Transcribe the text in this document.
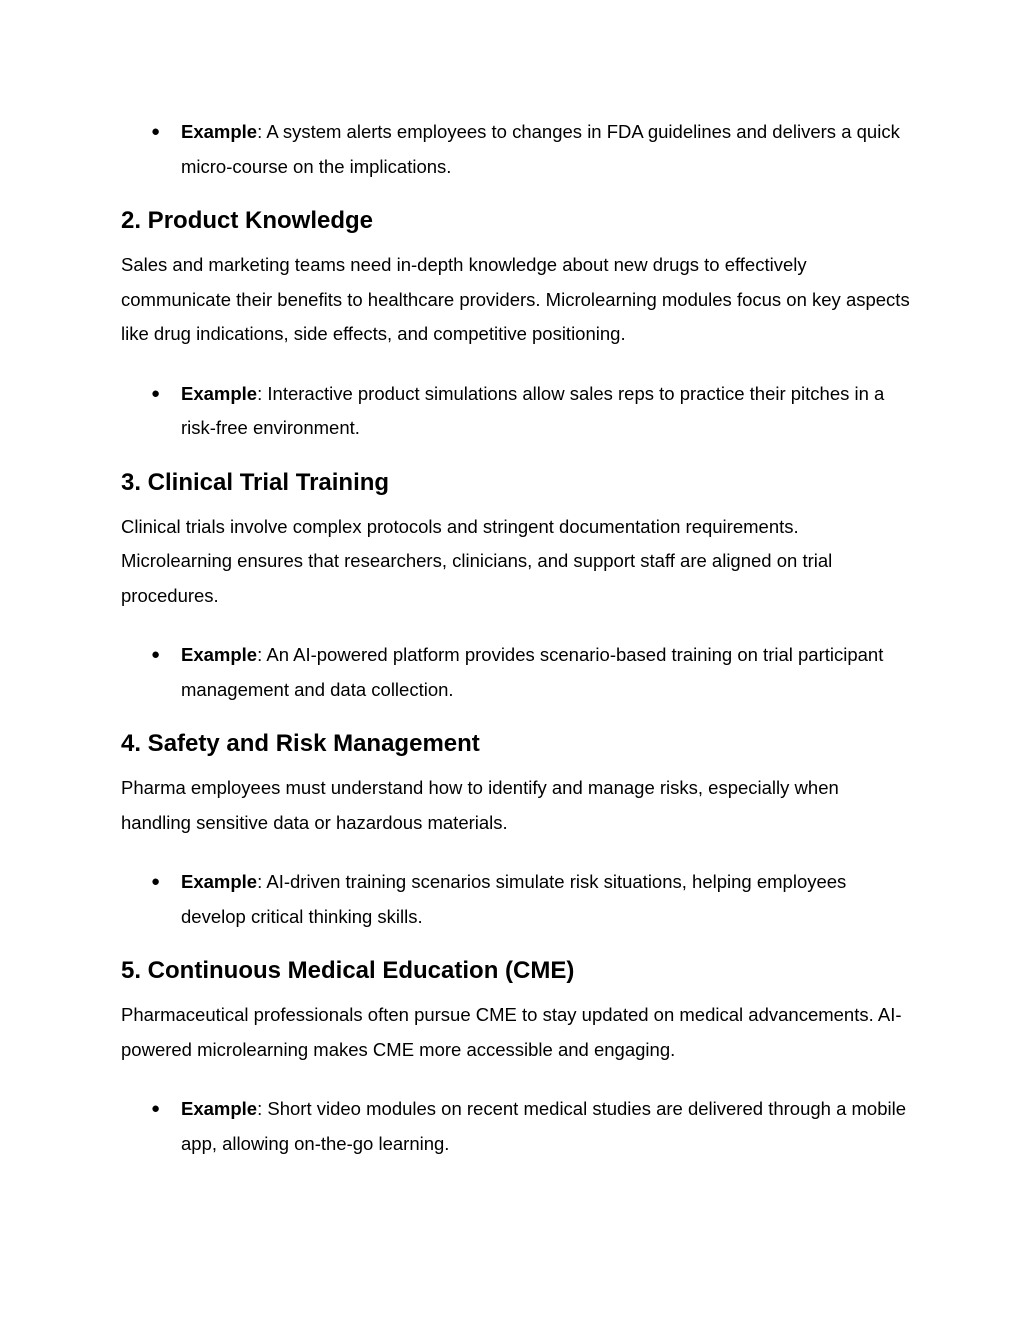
● Example: A system alerts employees to changes in FDA guidelines and delivers a quick micro-course on the implications.
2. Product Knowledge

Sales and marketing teams need in-depth knowledge about new drugs to effectively communicate their benefits to healthcare providers. Microlearning modules focus on key aspects like drug indications, side effects, and competitive positioning.

● Example: Interactive product simulations allow sales reps to practice their pitches in a risk-free environment.
3. Clinical Trial Training

Clinical trials involve complex protocols and stringent documentation requirements. Microlearning ensures that researchers, clinicians, and support staff are aligned on trial procedures.

● Example: An AI-powered platform provides scenario-based training on trial participant management and data collection.
4. Safety and Risk Management

Pharma employees must understand how to identify and manage risks, especially when handling sensitive data or hazardous materials.

● Example: AI-driven training scenarios simulate risk situations, helping employees develop critical thinking skills.
5. Continuous Medical Education (CME)

Pharmaceutical professionals often pursue CME to stay updated on medical advancements. AI-powered microlearning makes CME more accessible and engaging.

● Example: Short video modules on recent medical studies are delivered through a mobile app, allowing on-the-go learning.
